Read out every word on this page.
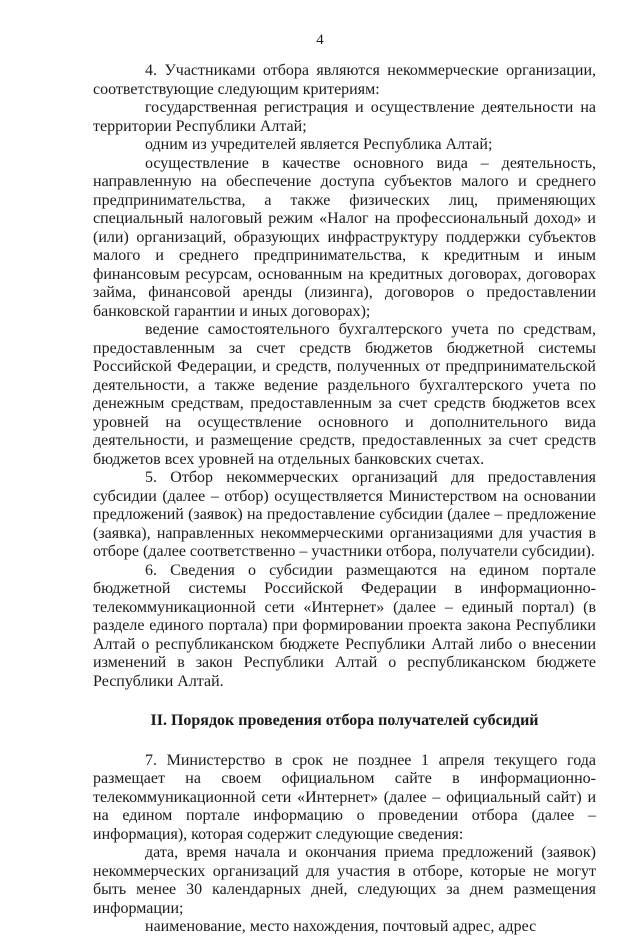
4

4. Участниками отбора являются некоммерческие организации, соответствующие следующим критериям:

государственная регистрация и осуществление деятельности на территории Республики Алтай;

одним из учредителей является Республика Алтай;

осуществление в качестве основного вида – деятельность, направленную на обеспечение доступа субъектов малого и среднего предпринимательства, а также физических лиц, применяющих специальный налоговый режим «Налог на профессиональный доход» и (или) организаций, образующих инфраструктуру поддержки субъектов малого и среднего предпринимательства, к кредитным и иным финансовым ресурсам, основанным на кредитных договорах, договорах займа, финансовой аренды (лизинга), договоров о предоставлении банковской гарантии и иных договорах);

ведение самостоятельного бухгалтерского учета по средствам, предоставленным за счет средств бюджетов бюджетной системы Российской Федерации, и средств, полученных от предпринимательской деятельности, а также ведение раздельного бухгалтерского учета по денежным средствам, предоставленным за счет средств бюджетов всех уровней на осуществление основного и дополнительного вида деятельности, и размещение средств, предоставленных за счет средств бюджетов всех уровней на отдельных банковских счетах.

5. Отбор некоммерческих организаций для предоставления субсидии (далее – отбор) осуществляется Министерством на основании предложений (заявок) на предоставление субсидии (далее – предложение (заявка), направленных некоммерческими организациями для участия в отборе (далее соответственно – участники отбора, получатели субсидии).

6. Сведения о субсидии размещаются на едином портале бюджетной системы Российской Федерации в информационно-телекоммуникационной сети «Интернет» (далее – единый портал) (в разделе единого портала) при формировании проекта закона Республики Алтай о республиканском бюджете Республики Алтай либо о внесении изменений в закон Республики Алтай о республиканском бюджете Республики Алтай.

II. Порядок проведения отбора получателей субсидий

7. Министерство в срок не позднее 1 апреля текущего года размещает на своем официальном сайте в информационно-телекоммуникационной сети «Интернет» (далее – официальный сайт) и на едином портале информацию о проведении отбора (далее – информация), которая содержит следующие сведения:

дата, время начала и окончания приема предложений (заявок) некоммерческих организаций для участия в отборе, которые не могут быть менее 30 календарных дней, следующих за днем размещения информации;

наименование, место нахождения, почтовый адрес, адрес
